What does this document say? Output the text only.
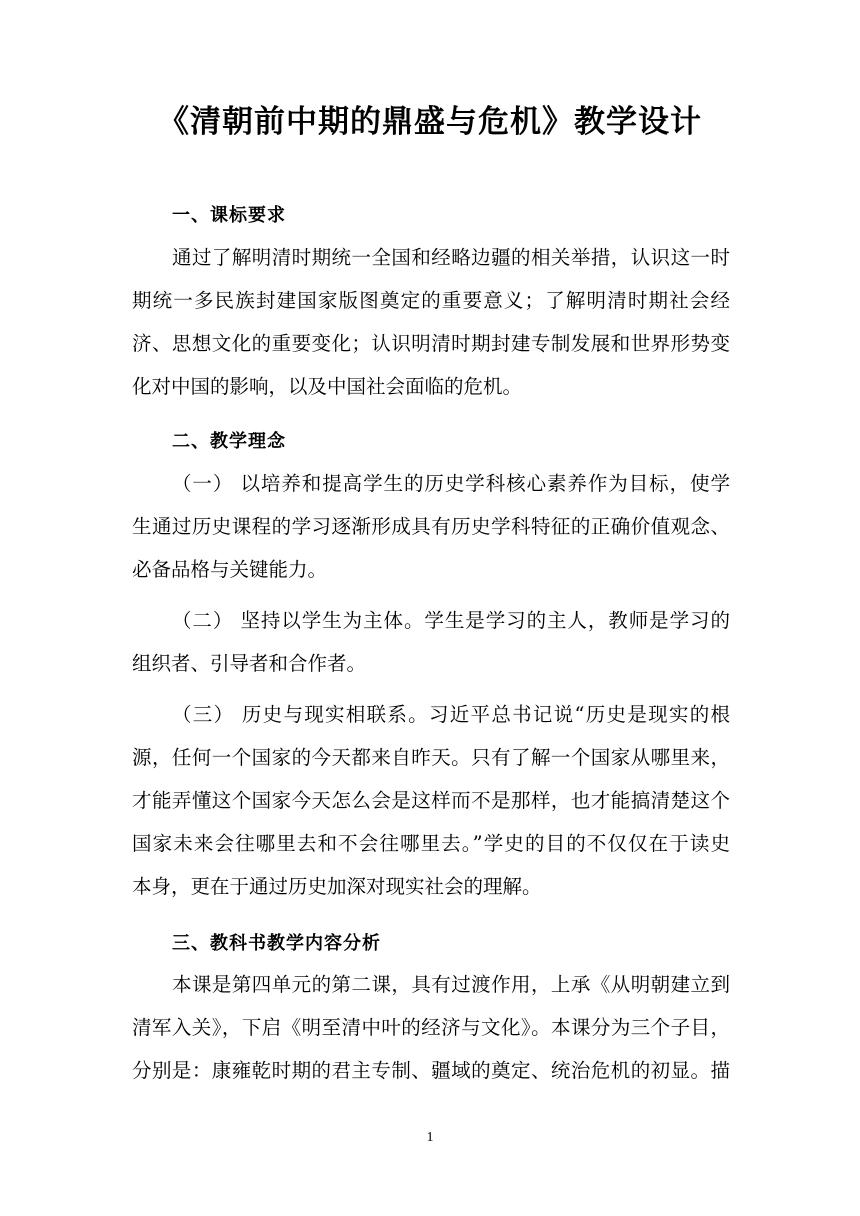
《清朝前中期的鼎盛与危机》教学设计
一、课标要求
通过了解明清时期统一全国和经略边疆的相关举措，认识这一时
期统一多民族封建国家版图奠定的重要意义；了解明清时期社会经
济、思想文化的重要变化；认识明清时期封建专制发展和世界形势变
化对中国的影响，以及中国社会面临的危机。
二、教学理念
（一） 以培养和提高学生的历史学科核心素养作为目标，使学
生通过历史课程的学习逐渐形成具有历史学科特征的正确价值观念、
必备品格与关键能力。
（二） 坚持以学生为主体。学生是学习的主人，教师是学习的
组织者、引导者和合作者。
（三） 历史与现实相联系。习近平总书记说“历史是现实的根
源，任何一个国家的今天都来自昨天。只有了解一个国家从哪里来，
才能弄懂这个国家今天怎么会是这样而不是那样，也才能搞清楚这个
国家未来会往哪里去和不会往哪里去。”学史的目的不仅仅在于读史
本身，更在于通过历史加深对现实社会的理解。
三、教科书教学内容分析
本课是第四单元的第二课，具有过渡作用，上承《从明朝建立到
清军入关》，下启《明至清中叶的经济与文化》。本课分为三个子目，
分别是：康雍乾时期的君主专制、疆域的奠定、统治危机的初显。描
1
